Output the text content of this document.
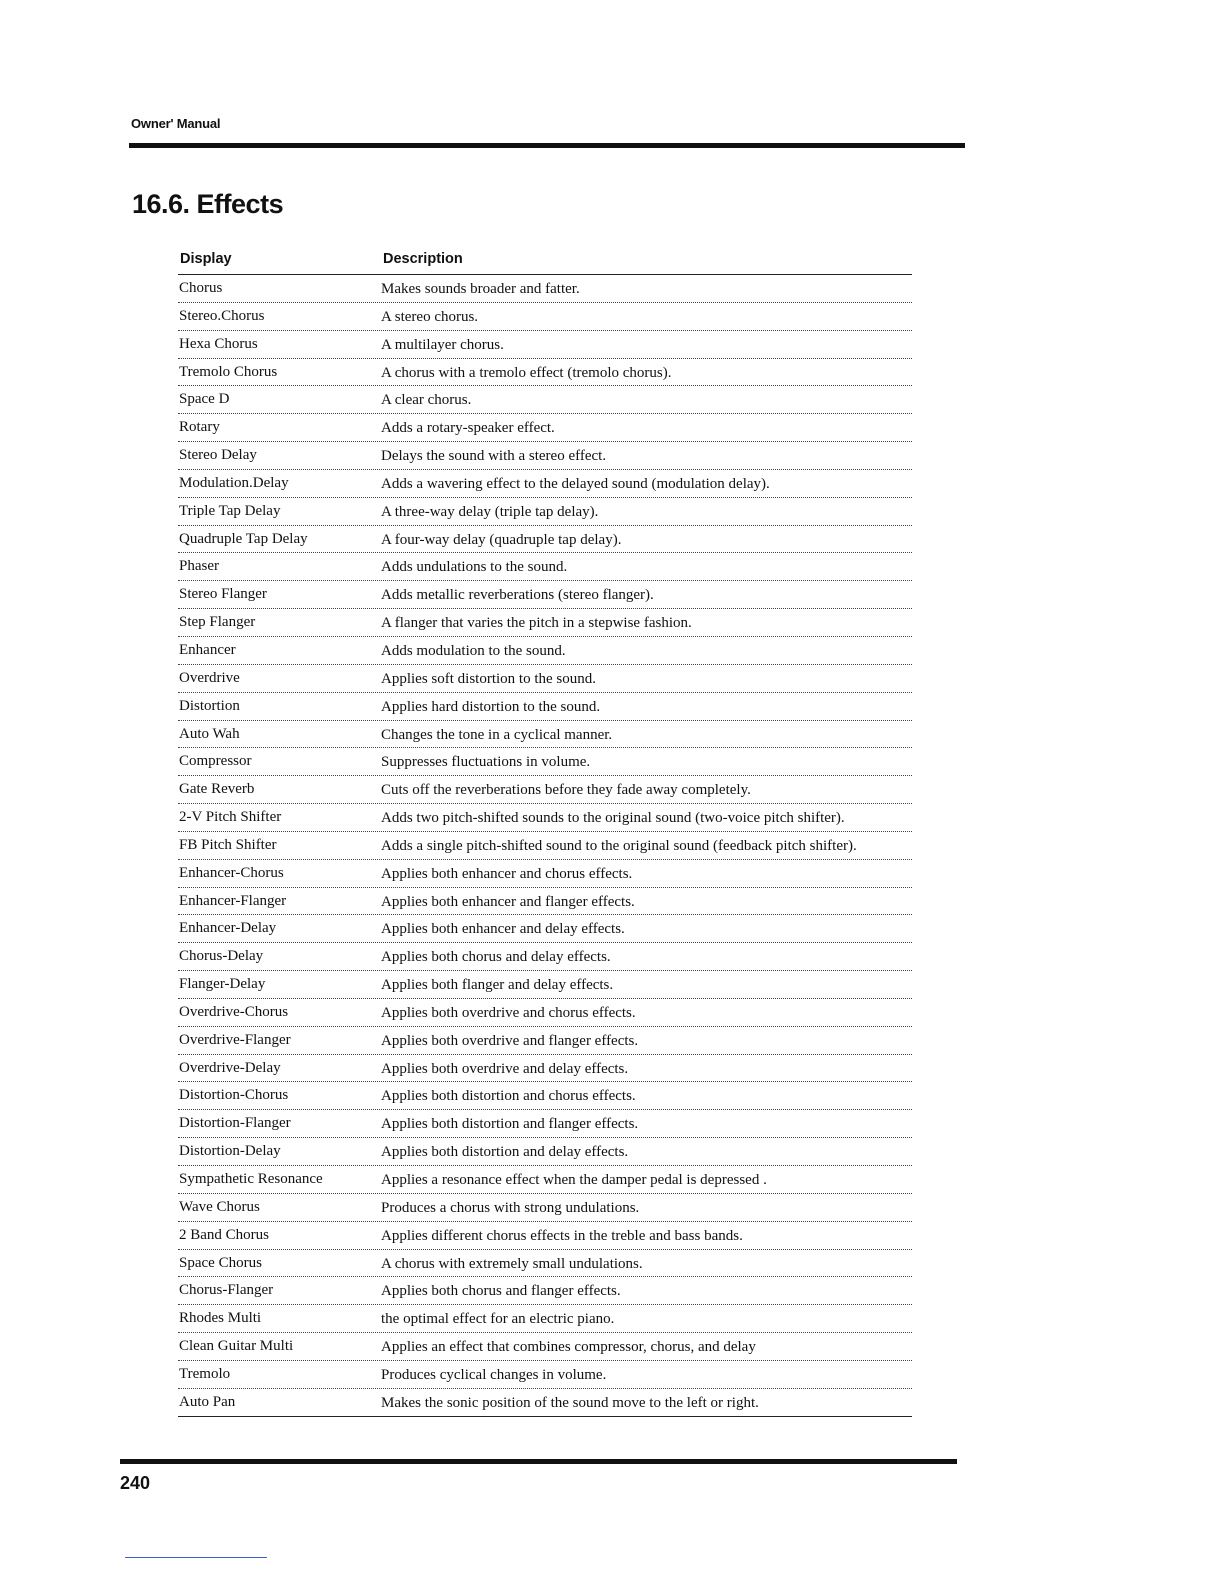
Owner' Manual
16.6. Effects
Display	Description
Chorus	Makes sounds broader and fatter.
Stereo.Chorus	A stereo chorus.
Hexa Chorus	A multilayer chorus.
Tremolo Chorus	A chorus with a tremolo effect (tremolo chorus).
Space D	A clear chorus.
Rotary	Adds a rotary-speaker effect.
Stereo Delay	Delays the sound with a stereo effect.
Modulation.Delay	Adds a wavering effect to the delayed sound (modulation delay).
Triple Tap Delay	A three-way delay (triple tap delay).
Quadruple Tap Delay	A four-way delay (quadruple tap delay).
Phaser	Adds undulations to the sound.
Stereo Flanger	Adds metallic reverberations (stereo flanger).
Step Flanger	A flanger that varies the pitch in a stepwise fashion.
Enhancer	Adds modulation to the sound.
Overdrive	Applies soft distortion to the sound.
Distortion	Applies hard distortion to the sound.
Auto Wah	Changes the tone in a cyclical manner.
Compressor	Suppresses fluctuations in volume.
Gate Reverb	Cuts off the reverberations before they fade away completely.
2-V Pitch Shifter	Adds two pitch-shifted sounds to the original sound (two-voice pitch shifter).
FB Pitch Shifter	Adds a single pitch-shifted sound to the original sound (feedback pitch shifter).
Enhancer-Chorus	Applies both enhancer and chorus effects.
Enhancer-Flanger	Applies both enhancer and flanger effects.
Enhancer-Delay	Applies both enhancer and delay effects.
Chorus-Delay	Applies both chorus and delay effects.
Flanger-Delay	Applies both flanger and delay effects.
Overdrive-Chorus	Applies both overdrive and chorus effects.
Overdrive-Flanger	Applies both overdrive and flanger effects.
Overdrive-Delay	Applies both overdrive and delay effects.
Distortion-Chorus	Applies both distortion and chorus effects.
Distortion-Flanger	Applies both distortion and flanger effects.
Distortion-Delay	Applies both distortion and delay effects.
Sympathetic Resonance	Applies a resonance effect when the damper pedal is depressed .
Wave Chorus	Produces a chorus with strong undulations.
2 Band Chorus	Applies different chorus effects in the treble and bass bands.
Space Chorus	A chorus with extremely small undulations.
Chorus-Flanger	Applies both chorus and flanger effects.
Rhodes Multi	the optimal effect for an electric piano.
Clean Guitar Multi	Applies an effect that combines compressor, chorus, and delay
Tremolo	Produces cyclical changes in volume.
Auto Pan	Makes the sonic position of the sound move to the left or right.
240
